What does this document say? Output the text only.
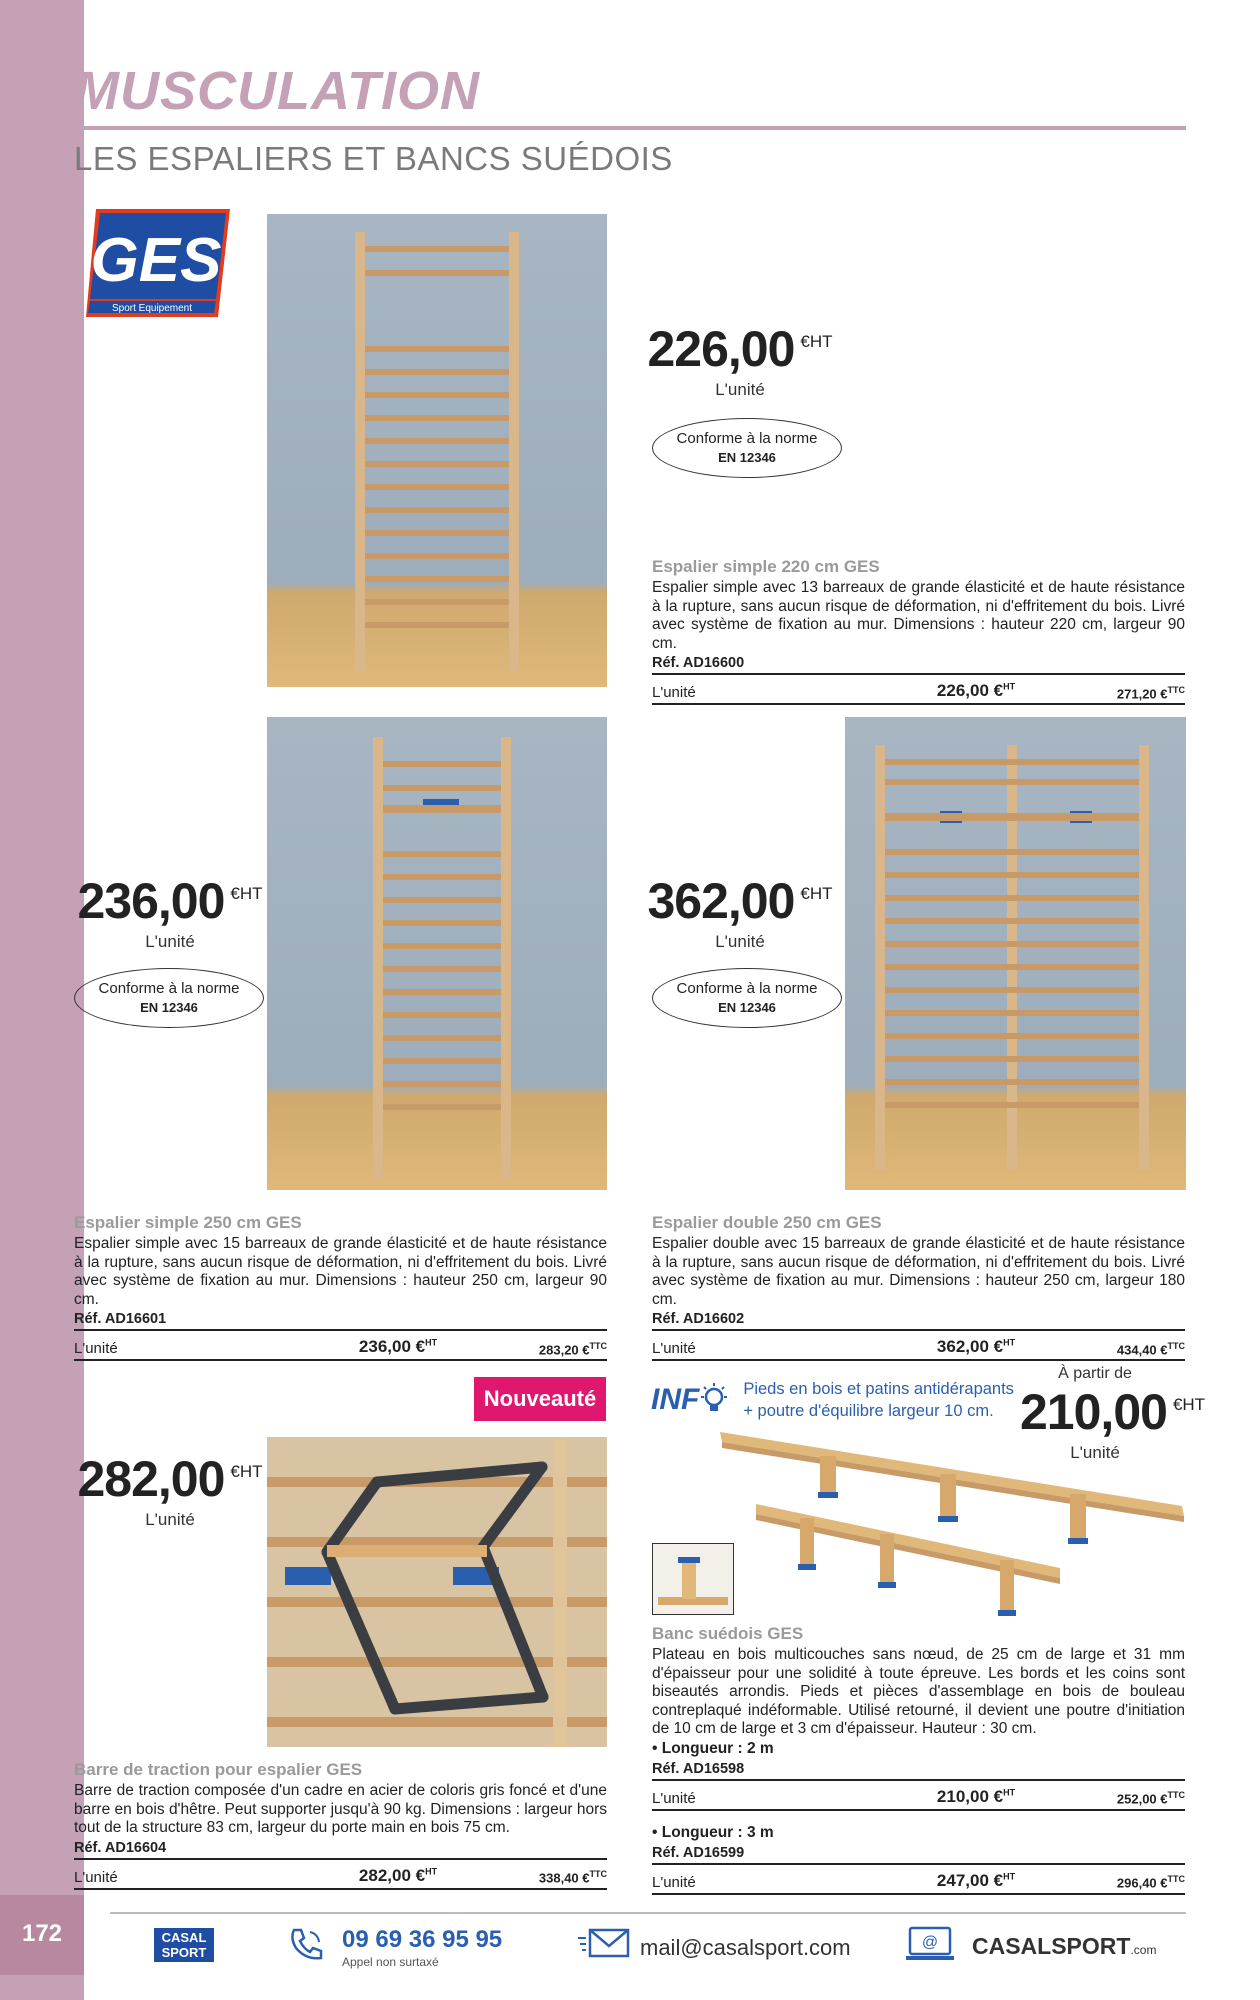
172
MUSCULATION
LES ESPALIERS ET BANCS SUÉDOIS
GES
Sport Equipement
226,00 $^{€HT}$
L'unité
Conforme à la norme
EN 12346
Espalier simple 220 cm GES
Espalier simple avec 13 barreaux de grande élasticité et de haute résistance à la rupture, sans aucun risque de déformation, ni d'effritement du bois. Livré avec système de fixation au mur. Dimensions : hauteur 220 cm, largeur 90 cm.
Réf. AD16600
L'unité	226,00 €$^{HT}$	271,20 €$^{TTC}$
236,00 $^{€HT}$
L'unité
Conforme à la norme
EN 12346
362,00 $^{€HT}$
L'unité
Conforme à la norme
EN 12346
Espalier simple 250 cm GES
Espalier simple avec 15 barreaux de grande élasticité et de haute résistance à la rupture, sans aucun risque de déformation, ni d'effritement du bois. Livré avec système de fixation au mur. Dimensions : hauteur 250 cm, largeur 90 cm.
Réf. AD16601
L'unité	236,00 €$^{HT}$	283,20 €$^{TTC}$
Espalier double 250 cm GES
Espalier double avec 15 barreaux de grande élasticité et de haute résistance à la rupture, sans aucun risque de déformation, ni d'effritement du bois. Livré avec système de fixation au mur. Dimensions : hauteur 250 cm, largeur 180 cm.
Réf. AD16602
L'unité	362,00 €$^{HT}$	434,40 €$^{TTC}$
Nouveauté
282,00 $^{€HT}$
L'unité
Barre de traction pour espalier GES
Barre de traction composée d'un cadre en acier de coloris gris foncé et d'une barre en bois d'hêtre. Peut supporter jusqu'à 90 kg. Dimensions : largeur hors tout de la structure 83 cm, largeur du porte main en bois 75 cm.
Réf. AD16604
L'unité	282,00 €$^{HT}$	338,40 €$^{TTC}$
INF	Pieds en bois et patins antidérapants
+ poutre d'équilibre largeur 10 cm.
À partir de
210,00 $^{€HT}$
L'unité
Banc suédois GES
Plateau en bois multicouches sans nœud, de 25 cm de large et 31 mm d'épaisseur pour une solidité à toute épreuve. Les bords et les coins sont biseautés arrondis. Pieds et pièces d'assemblage en bois de bouleau contreplaqué indéformable. Utilisé retourné, il devient une poutre d'initiation de 10 cm de large et 3 cm d'épaisseur. Hauteur : 30 cm.
• Longueur : 2 m
Réf. AD16598
L'unité	210,00 €$^{HT}$	252,00 €$^{TTC}$
• Longueur : 3 m
Réf. AD16599
L'unité	247,00 €$^{HT}$	296,40 €$^{TTC}$
CASAL
SPORT	09 69 36 95 95
Appel non surtaxé
mail@casalsport.com	@ CASALSPORT.com
